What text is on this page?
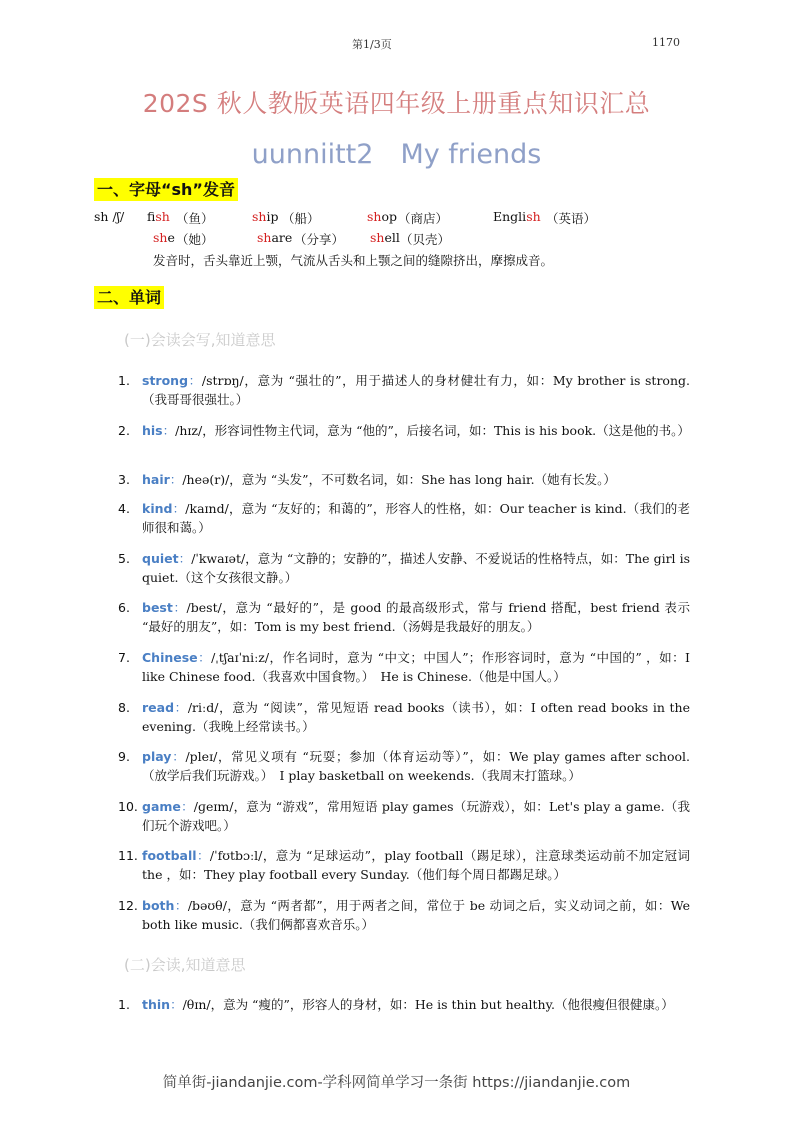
第1/3页	1170
202S 秋人教版英语四年级上册重点知识汇总
uunniitt2　My friends
一、字母“sh”发音
sh /ʃ/ fish （鱼）	ship （船）	shop （商店）	English （英语）
she （她）	share （分享） shell （贝壳）
发音时，舌头靠近上颚，气流从舌头和上颚之间的缝隙挤出，摩擦成音。
二、单词
(一)会读会写,知道意思
1. strong：/strɒŋ/，意为 “强壮的”，用于描述人的身材健壮有力，如：My brother is strong.（我哥哥很强壮。）
2. his：/hɪz/，形容词性物主代词，意为 “他的”，后接名词，如：This is his book.（这是他的书。）
3. hair：/heə(r)/，意为 “头发”，不可数名词，如：She has long hair.（她有长发。）
4. kind：/kaɪnd/，意为 “友好的；和蔼的”，形容人的性格，如：Our teacher is kind.（我们的老师很和蔼。）
5. quiet：/ˈkwaɪət/，意为 “文静的；安静的”，描述人安静、不爱说话的性格特点，如：The girl is quiet.（这个女孩很文静。）
6. best：/best/，意为 “最好的”，是 good 的最高级形式，常与 friend 搭配，best friend 表示 “最好的朋友”，如：Tom is my best friend.（汤姆是我最好的朋友。）
7. Chinese：/ˌtʃaɪˈniːz/，作名词时，意为 “中文；中国人”；作形容词时，意为 “中国的” ，如：I like Chinese food.（我喜欢中国食物。）　He is Chinese.（他是中国人。）
8. read：/riːd/，意为 “阅读”，常见短语 read books（读书），如：I often read books in the evening.（我晚上经常读书。）
9. play：/pleɪ/，常见义项有 “玩耍；参加（体育运动等）”，如：We play games after school.（放学后我们玩游戏。）　I play basketball on weekends.（我周末打篮球。）
10. game：/ɡeɪm/，意为 “游戏”，常用短语 play games（玩游戏），如：Let's play a game.（我们玩个游戏吧。）
11. football：/ˈfʊtbɔːl/，意为 “足球运动”，play football（踢足球），注意球类运动前不加定冠词 the ，如：They play football every Sunday.（他们每个周日都踢足球。）
12. both：/bəʊθ/，意为 “两者都”，用于两者之间，常位于 be 动词之后，实义动词之前，如：We both like music.（我们俩都喜欢音乐。）
(二)会读,知道意思
1. thin：/θɪn/，意为 “瘦的”，形容人的身材，如：He is thin but healthy.（他很瘦但很健康。）
简单街-jiandanjie.com-学科网简单学习一条街 https://jiandanjie.com
